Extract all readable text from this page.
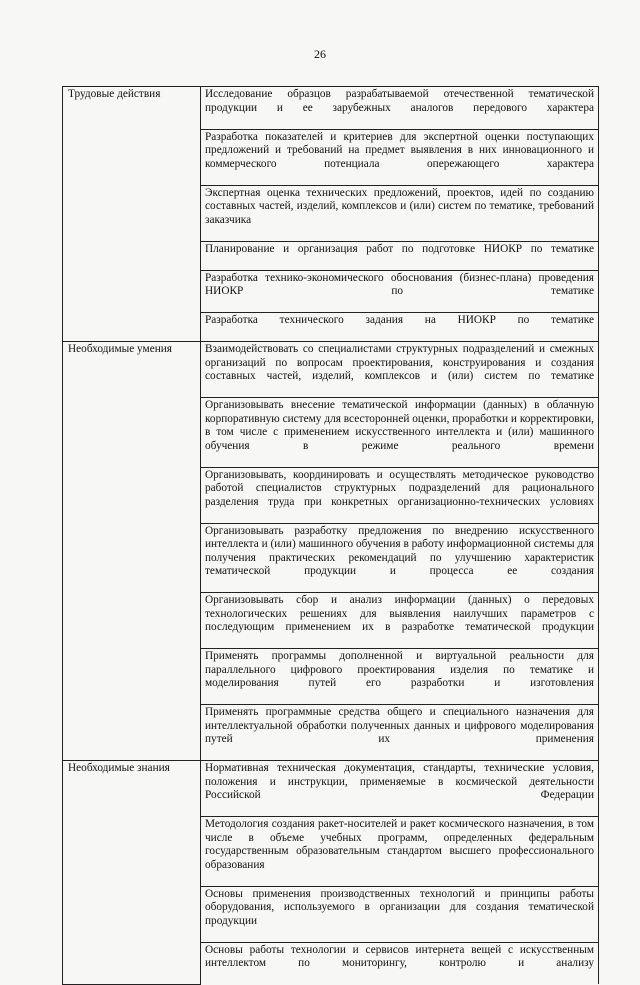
26
Трудовые действия	Исследование образцов разрабатываемой отечественной тематической продукции и ее зарубежных аналогов передового характера
	Разработка показателей и критериев для экспертной оценки поступающих предложений и требований на предмет выявления в них инновационного и коммерческого потенциала опережающего характера
	Экспертная оценка технических предложений, проектов, идей по созданию составных частей, изделий, комплексов и (или) систем по тематике, требований заказчика
	Планирование и организация работ по подготовке НИОКР по тематике
	Разработка технико-экономического обоснования (бизнес-плана) проведения НИОКР по тематике
	Разработка технического задания на НИОКР по тематике
Необходимые умения	Взаимодействовать со специалистами структурных подразделений и смежных организаций по вопросам проектирования, конструирования и создания составных частей, изделий, комплексов и (или) систем по тематике
	Организовывать внесение тематической информации (данных) в облачную корпоративную систему для всесторонней оценки, проработки и корректировки, в том числе с применением искусственного интеллекта и (или) машинного обучения в режиме реального времени
	Организовывать, координировать и осуществлять методическое руководство работой специалистов структурных подразделений для рационального разделения труда при конкретных организационно-технических условиях
	Организовывать разработку предложения по внедрению искусственного интеллекта и (или) машинного обучения в работу информационной системы для получения практических рекомендаций по улучшению характеристик тематической продукции и процесса ее создания
	Организовывать сбор и анализ информации (данных) о передовых технологических решениях для выявления наилучших параметров с последующим применением их в разработке тематической продукции
	Применять программы дополненной и виртуальной реальности для параллельного цифрового проектирования изделия по тематике и моделирования путей его разработки и изготовления
	Применять программные средства общего и специального назначения для интеллектуальной обработки полученных данных и цифрового моделирования путей их применения
Необходимые знания	Нормативная техническая документация, стандарты, технические условия, положения и инструкции, применяемые в космической деятельности Российской Федерации
	Методология создания ракет-носителей и ракет космического назначения, в том числе в объеме учебных программ, определенных федеральным государственным образовательным стандартом высшего профессионального образования
	Основы применения производственных технологий и принципы работы оборудования, используемого в организации для создания тематической продукции
	Основы работы технологии и сервисов интернета вещей с искусственным интеллектом по мониторингу, контролю и анализу
